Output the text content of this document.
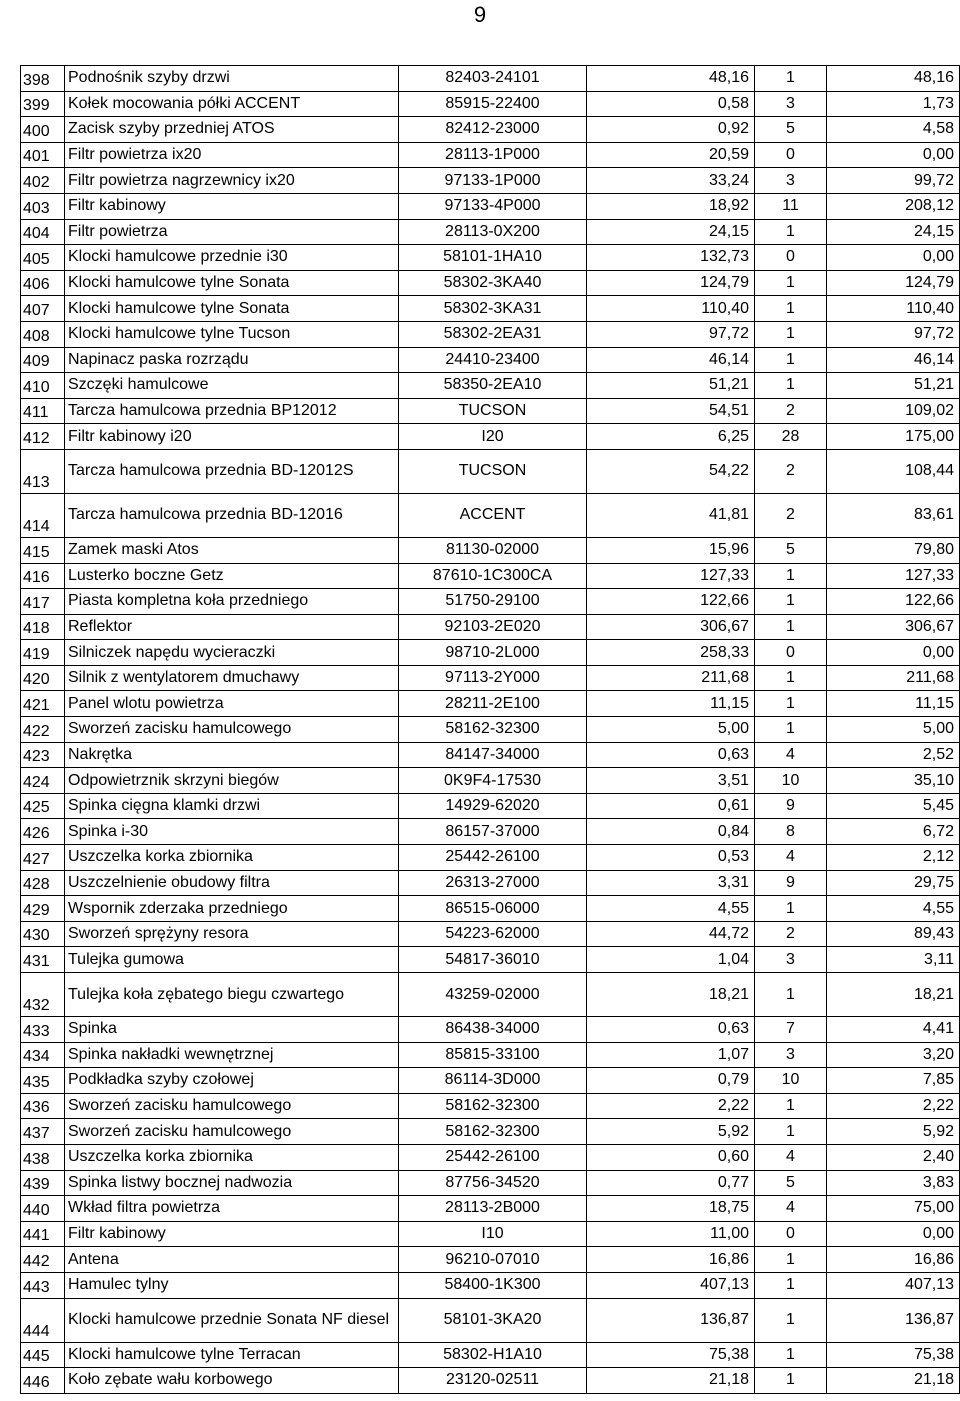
9
398	Podnośnik szyby drzwi	82403-24101	48,16	1	48,16
399	Kołek mocowania półki ACCENT	85915-22400	0,58	3	1,73
400	Zacisk szyby przedniej ATOS	82412-23000	0,92	5	4,58
401	Filtr powietrza ix20	28113-1P000	20,59	0	0,00
402	Filtr powietrza nagrzewnicy ix20	97133-1P000	33,24	3	99,72
403	Filtr kabinowy	97133-4P000	18,92	11	208,12
404	Filtr powietrza	28113-0X200	24,15	1	24,15
405	Klocki hamulcowe przednie i30	58101-1HA10	132,73	0	0,00
406	Klocki hamulcowe tylne Sonata	58302-3KA40	124,79	1	124,79
407	Klocki hamulcowe tylne Sonata	58302-3KA31	110,40	1	110,40
408	Klocki hamulcowe tylne Tucson	58302-2EA31	97,72	1	97,72
409	Napinacz paska rozrządu	24410-23400	46,14	1	46,14
410	Szczęki hamulcowe	58350-2EA10	51,21	1	51,21
411	Tarcza hamulcowa przednia BP12012	TUCSON	54,51	2	109,02
412	Filtr kabinowy i20	I20	6,25	28	175,00
413	Tarcza hamulcowa przednia BD-12012S	TUCSON	54,22	2	108,44
414	Tarcza hamulcowa przednia BD-12016	ACCENT	41,81	2	83,61
415	Zamek maski Atos	81130-02000	15,96	5	79,80
416	Lusterko boczne Getz	87610-1C300CA	127,33	1	127,33
417	Piasta kompletna koła przedniego	51750-29100	122,66	1	122,66
418	Reflektor	92103-2E020	306,67	1	306,67
419	Silniczek napędu wycieraczki	98710-2L000	258,33	0	0,00
420	Silnik z wentylatorem dmuchawy	97113-2Y000	211,68	1	211,68
421	Panel wlotu powietrza	28211-2E100	11,15	1	11,15
422	Sworzeń zacisku hamulcowego	58162-32300	5,00	1	5,00
423	Nakrętka	84147-34000	0,63	4	2,52
424	Odpowietrznik skrzyni biegów	0K9F4-17530	3,51	10	35,10
425	Spinka cięgna klamki drzwi	14929-62020	0,61	9	5,45
426	Spinka i-30	86157-37000	0,84	8	6,72
427	Uszczelka korka zbiornika	25442-26100	0,53	4	2,12
428	Uszczelnienie obudowy filtra	26313-27000	3,31	9	29,75
429	Wspornik zderzaka przedniego	86515-06000	4,55	1	4,55
430	Sworzeń sprężyny resora	54223-62000	44,72	2	89,43
431	Tulejka gumowa	54817-36010	1,04	3	3,11
432	Tulejka koła zębatego biegu czwartego	43259-02000	18,21	1	18,21
433	Spinka	86438-34000	0,63	7	4,41
434	Spinka nakładki wewnętrznej	85815-33100	1,07	3	3,20
435	Podkładka szyby czołowej	86114-3D000	0,79	10	7,85
436	Sworzeń zacisku hamulcowego	58162-32300	2,22	1	2,22
437	Sworzeń zacisku hamulcowego	58162-32300	5,92	1	5,92
438	Uszczelka korka zbiornika	25442-26100	0,60	4	2,40
439	Spinka listwy bocznej nadwozia	87756-34520	0,77	5	3,83
440	Wkład filtra powietrza	28113-2B000	18,75	4	75,00
441	Filtr kabinowy	I10	11,00	0	0,00
442	Antena	96210-07010	16,86	1	16,86
443	Hamulec tylny	58400-1K300	407,13	1	407,13
444	Klocki hamulcowe przednie Sonata NF diesel	58101-3KA20	136,87	1	136,87
445	Klocki hamulcowe tylne Terracan	58302-H1A10	75,38	1	75,38
446	Koło zębate wału korbowego	23120-02511	21,18	1	21,18
